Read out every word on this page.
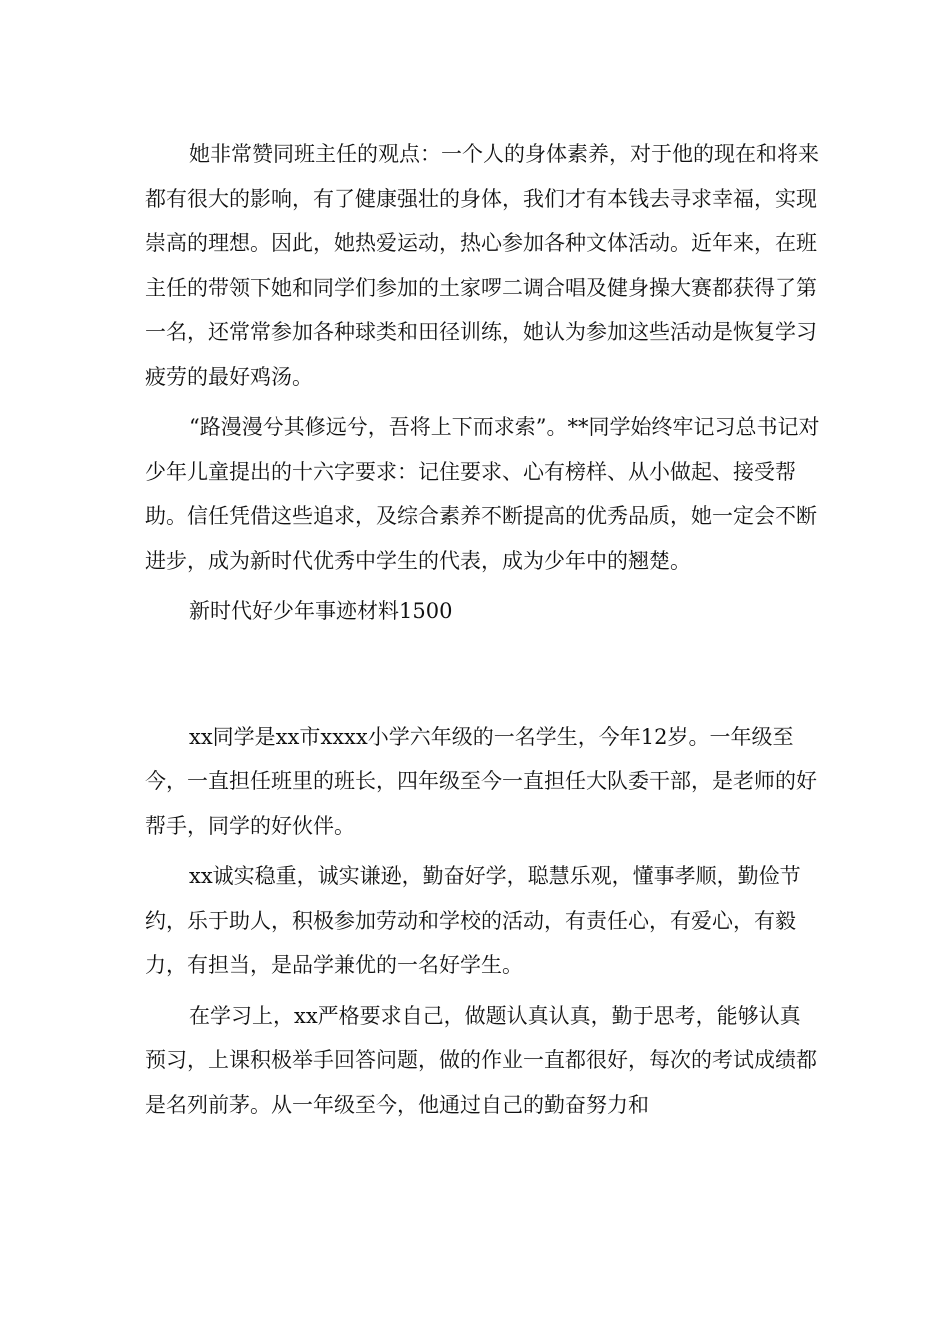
她非常赞同班主任的观点：一个人的身体素养，对于他的现在和将来都有很大的影响，有了健康强壮的身体，我们才有本钱去寻求幸福，实现崇高的理想。因此，她热爱运动，热心参加各种文体活动。近年来，在班主任的带领下她和同学们参加的土家啰二调合唱及健身操大赛都获得了第一名，还常常参加各种球类和田径训练，她认为参加这些活动是恢复学习疲劳的最好鸡汤。

“路漫漫兮其修远兮，吾将上下而求索”。**同学始终牢记习总书记对少年儿童提出的十六字要求：记住要求、心有榜样、从小做起、接受帮助。信任凭借这些追求，及综合素养不断提高的优秀品质，她一定会不断进步，成为新时代优秀中学生的代表，成为少年中的翘楚。

新时代好少年事迹材料1500

xx同学是xx市xxxx小学六年级的一名学生，今年12岁。一年级至今，一直担任班里的班长，四年级至今一直担任大队委干部，是老师的好帮手，同学的好伙伴。

xx诚实稳重，诚实谦逊，勤奋好学，聪慧乐观，懂事孝顺，勤俭节约，乐于助人，积极参加劳动和学校的活动，有责任心，有爱心，有毅力，有担当，是品学兼优的一名好学生。

在学习上，xx严格要求自己，做题认真认真，勤于思考，能够认真预习，上课积极举手回答问题，做的作业一直都很好，每次的考试成绩都是名列前茅。从一年级至今，他通过自己的勤奋努力和
